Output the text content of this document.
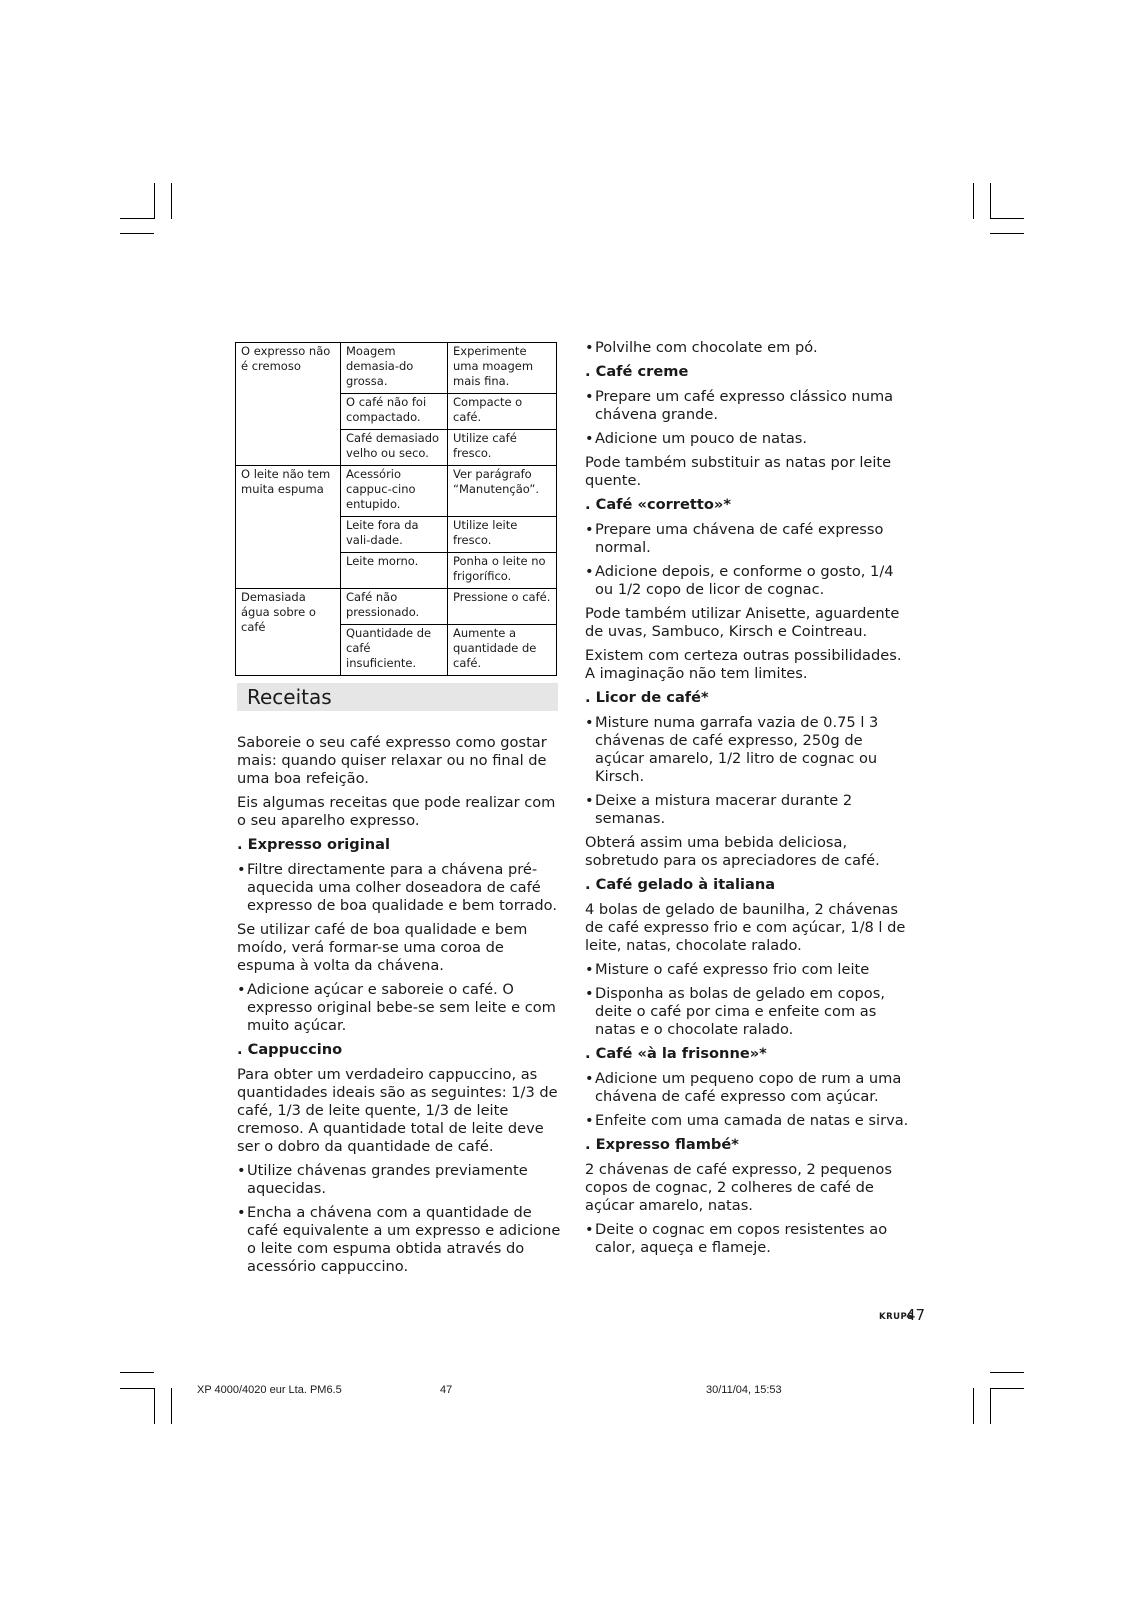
O expresso não é cremoso	Moagem demasia-do grossa.	Experimente uma moagem mais fina.
	O café não foi compactado.	Compacte o café.
	Café demasiado velho ou seco.	Utilize café fresco.
O leite não tem muita espuma	Acessório cappuc-cino entupido.	Ver parágrafo “Manutenção”.
	Leite fora da vali-dade.	Utilize leite fresco.
	Leite morno.	Ponha o leite no frigorífico.
Demasiada água sobre o café	Café não pressionado.	Pressione o café.
	Quantidade de café insuficiente.	Aumente a quantidade de café.
Receitas

Saboreie o seu café expresso como gostar mais: quando quiser relaxar ou no final de uma boa refeição.

Eis algumas receitas que pode realizar com o seu aparelho expresso.

. Expresso original
• Filtre directamente para a chávena pré-aquecida uma colher doseadora de café expresso de boa qualidade e bem torrado.

Se utilizar café de boa qualidade e bem moído, verá formar-se uma coroa de espuma à volta da chávena.

• Adicione açúcar e saboreie o café. O expresso original bebe-se sem leite e com muito açúcar.
. Cappuccino

Para obter um verdadeiro cappuccino, as quantidades ideais são as seguintes: 1/3 de café, 1/3 de leite quente, 1/3 de leite cremoso. A quantidade total de leite deve ser o dobro da quantidade de café.

• Utilize chávenas grandes previamente aquecidas.
• Encha a chávena com a quantidade de café equivalente a um expresso e adicione o leite com espuma obtida através do acessório cappuccino.
• Polvilhe com chocolate em pó.
. Café creme
• Prepare um café expresso clássico numa chávena grande.
• Adicione um pouco de natas.

Pode também substituir as natas por leite quente.

. Café «corretto»*
• Prepare uma chávena de café expresso normal.
• Adicione depois, e conforme o gosto, 1/4 ou 1/2 copo de licor de cognac.

Pode também utilizar Anisette, aguardente de uvas, Sambuco, Kirsch e Cointreau.

Existem com certeza outras possibilidades. A imaginação não tem limites.

. Licor de café*
• Misture numa garrafa vazia de 0.75 l 3 chávenas de café expresso, 250g de açúcar amarelo, 1/2 litro de cognac ou Kirsch.
• Deixe a mistura macerar durante 2 semanas.

Obterá assim uma bebida deliciosa, sobretudo para os apreciadores de café.

. Café gelado à italiana

4 bolas de gelado de baunilha, 2 chávenas de café expresso frio e com açúcar, 1/8 l de leite, natas, chocolate ralado.

• Misture o café expresso frio com leite
• Disponha as bolas de gelado em copos, deite o café por cima e enfeite com as natas e o chocolate ralado.
. Café «à la frisonne»*
• Adicione um pequeno copo de rum a uma chávena de café expresso com açúcar.
• Enfeite com uma camada de natas e sirva.
. Expresso flambé*

2 chávenas de café expresso, 2 pequenos copos de cognac, 2 colheres de café de açúcar amarelo, natas.

• Deite o cognac em copos resistentes ao calor, aqueça e flameje.
KRUPS
47
XP 4000/4020 eur Lta. PM6.5	47	30/11/04, 15:53
